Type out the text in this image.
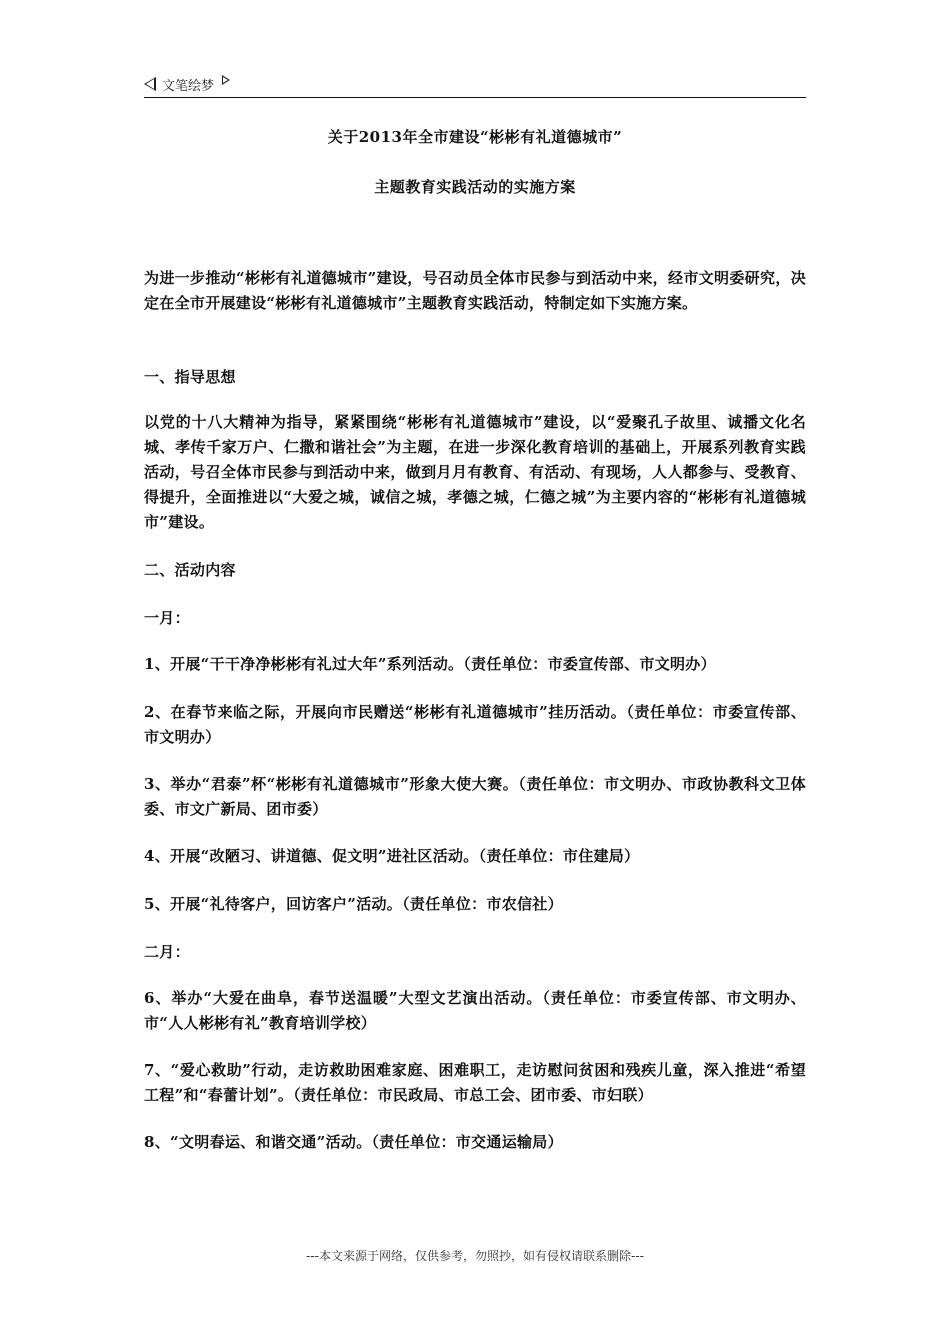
文笔绘梦
关于2013年全市建设“彬彬有礼道德城市”
主题教育实践活动的实施方案
为进一步推动“彬彬有礼道德城市”建设，号召动员全体市民参与到活动中来，经市文明委研究，决定在全市开展建设“彬彬有礼道德城市”主题教育实践活动，特制定如下实施方案。
一、指导思想
以党的十八大精神为指导，紧紧围绕“彬彬有礼道德城市”建设，以“爱聚孔子故里、诚播文化名城、孝传千家万户、仁撒和谐社会”为主题，在进一步深化教育培训的基础上，开展系列教育实践活动，号召全体市民参与到活动中来，做到月月有教育、有活动、有现场，人人都参与、受教育、得提升，全面推进以“大爱之城，诚信之城，孝德之城，仁德之城”为主要内容的“彬彬有礼道德城市”建设。
二、活动内容
一月：
1、开展“干干净净彬彬有礼过大年”系列活动。（责任单位：市委宣传部、市文明办）
2、在春节来临之际，开展向市民赠送“彬彬有礼道德城市”挂历活动。（责任单位：市委宣传部、市文明办）
3、举办“君泰”杯“彬彬有礼道德城市”形象大使大赛。（责任单位：市文明办、市政协教科文卫体委、市文广新局、团市委）
4、开展“改陋习、讲道德、促文明”进社区活动。（责任单位：市住建局）
5、开展“礼待客户，回访客户”活动。（责任单位：市农信社）
二月：
6、举办“大爱在曲阜，春节送温暖”大型文艺演出活动。（责任单位：市委宣传部、市文明办、市“人人彬彬有礼”教育培训学校）
7、“爱心救助”行动，走访救助困难家庭、困难职工，走访慰问贫困和残疾儿童，深入推进“希望工程”和“春蕾计划”。（责任单位：市民政局、市总工会、团市委、市妇联）
8、“文明春运、和谐交通”活动。（责任单位：市交通运输局）
---本文来源于网络，仅供参考，勿照抄，如有侵权请联系删除---
